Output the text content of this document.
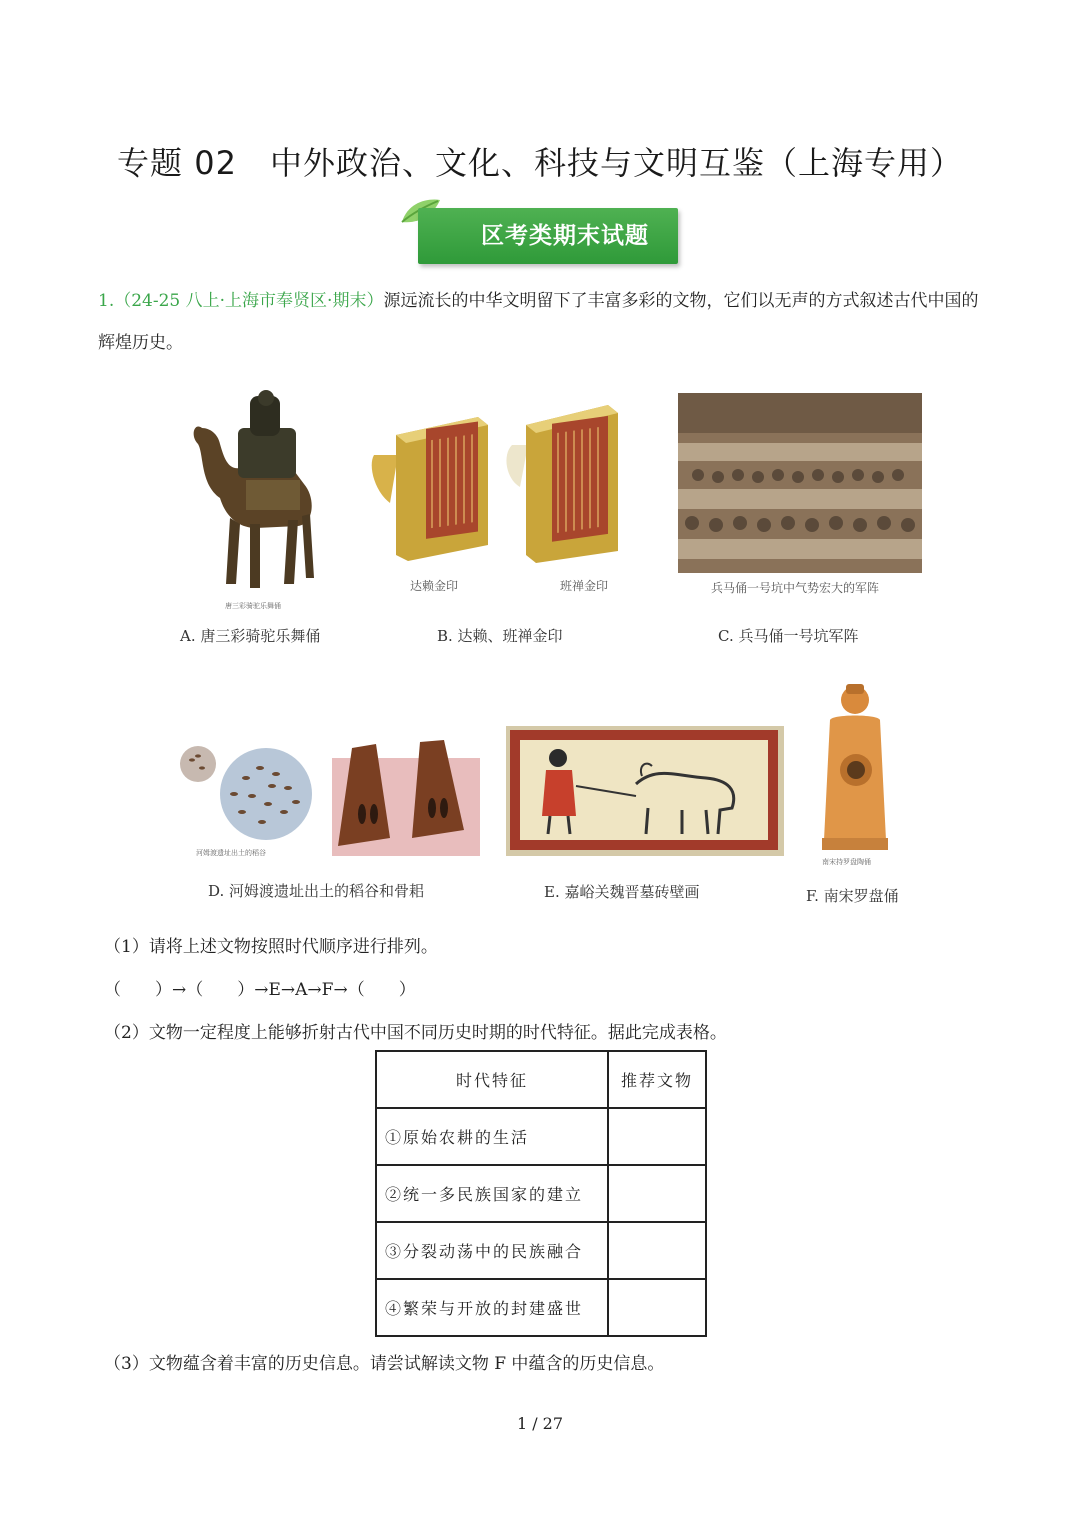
专题 02　中外政治、文化、科技与文明互鉴（上海专用）
区考类期末试题
1.（24-25 八上·上海市奉贤区·期末）源远流长的中华文明留下了丰富多彩的文物，它们以无声的方式叙述古代中国的辉煌历史。
唐三彩骑驼乐舞俑
达赖金印	班禅金印	兵马俑一号坑中气势宏大的军阵
A. 唐三彩骑驼乐舞俑	B. 达赖、班禅金印	C. 兵马俑一号坑军阵
河姆渡遗址出土的稻谷
南宋持罗盘陶俑
D. 河姆渡遗址出土的稻谷和骨耜	E. 嘉峪关魏晋墓砖壁画	F. 南宋罗盘俑
（1）请将上述文物按照时代顺序进行排列。
（　　）→（　　）→E→A→F→（　　）
（2）文物一定程度上能够折射古代中国不同历史时期的时代特征。据此完成表格。
时代特征	推荐文物
①原始农耕的生活	
②统一多民族国家的建立	
③分裂动荡中的民族融合	
④繁荣与开放的封建盛世	
（3）文物蕴含着丰富的历史信息。请尝试解读文物 F 中蕴含的历史信息。
1 / 27
